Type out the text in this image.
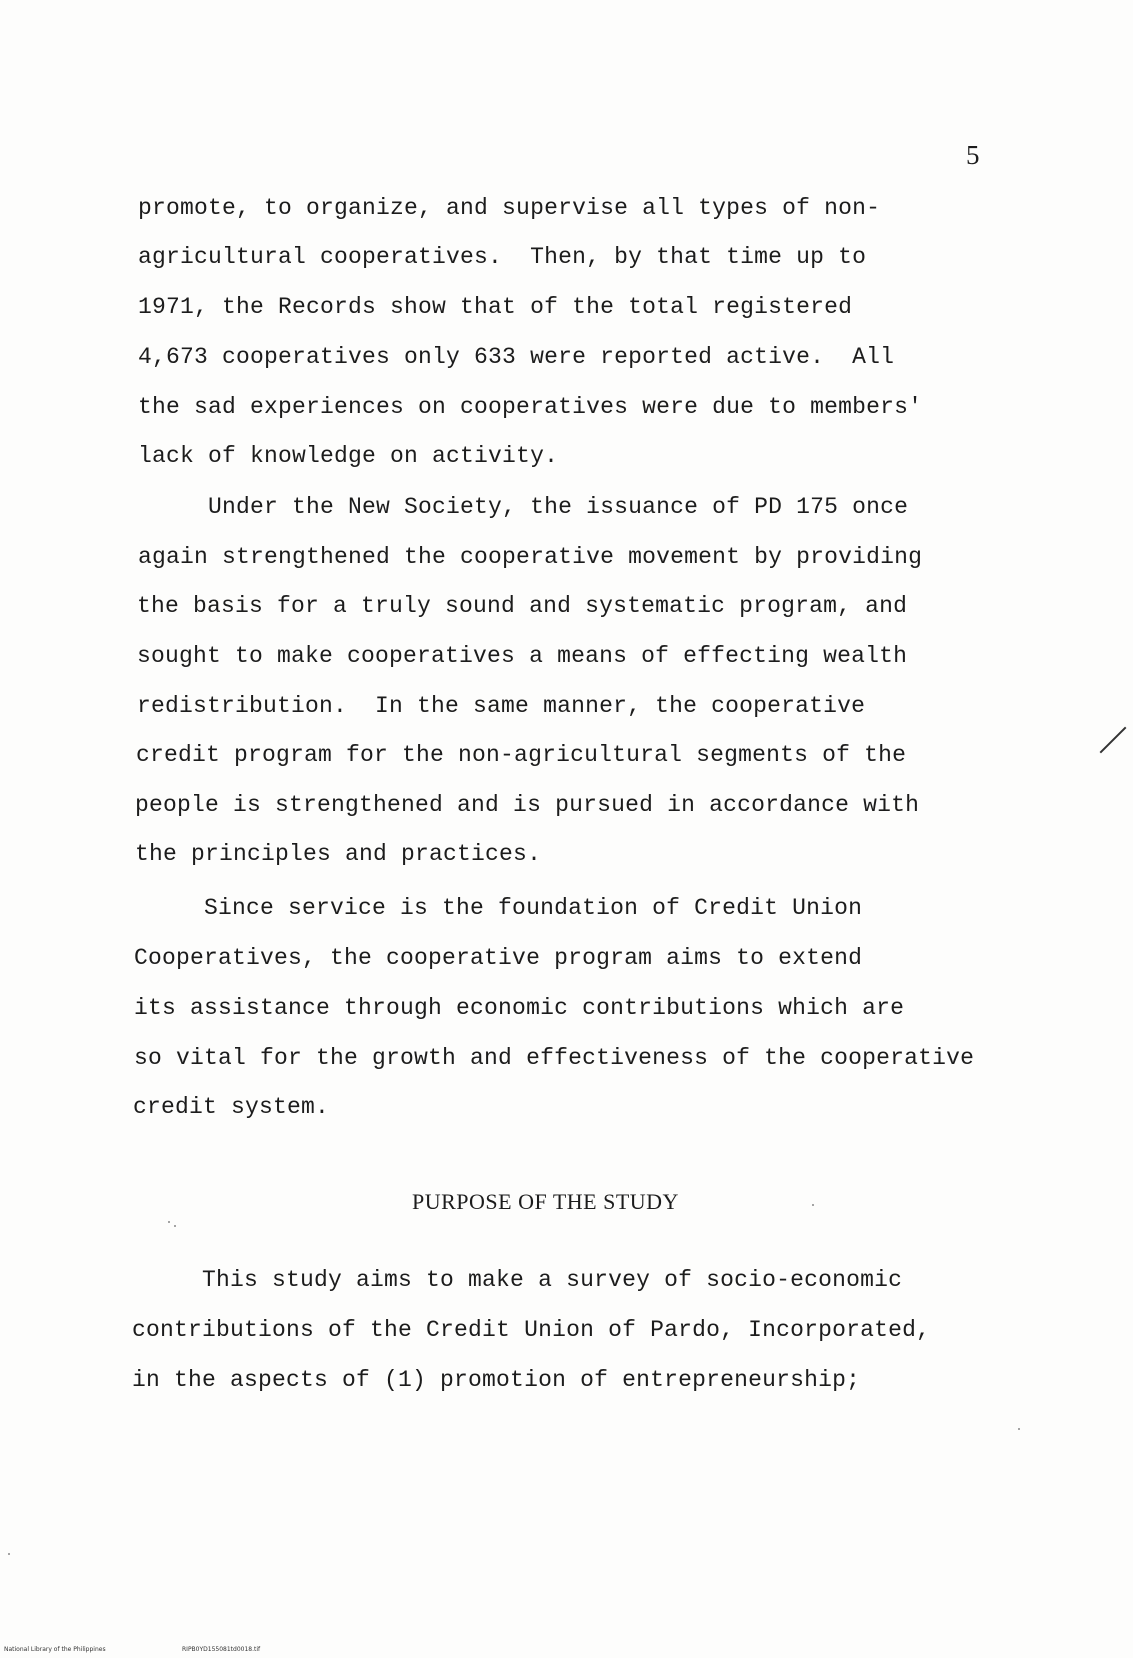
5
promote, to organize, and supervise all types of non-
agricultural cooperatives.  Then, by that time up to
1971, the Records show that of the total registered
4,673 cooperatives only 633 were reported active.  All
the sad experiences on cooperatives were due to members'
lack of knowledge on activity.
Under the New Society, the issuance of PD 175 once
again strengthened the cooperative movement by providing
the basis for a truly sound and systematic program, and
sought to make cooperatives a means of effecting wealth
redistribution.  In the same manner, the cooperative
credit program for the non-agricultural segments of the
people is strengthened and is pursued in accordance with
the principles and practices.
Since service is the foundation of Credit Union
Cooperatives, the cooperative program aims to extend
its assistance through economic contributions which are
so vital for the growth and effectiveness of the cooperative
credit system.
PURPOSE OF THE STUDY
This study aims to make a survey of socio-economic
contributions of the Credit Union of Pardo, Incorporated,
in the aspects of (1) promotion of entrepreneurship;
National Library of the Philippines	RIPB0YD155081td0018.tif
